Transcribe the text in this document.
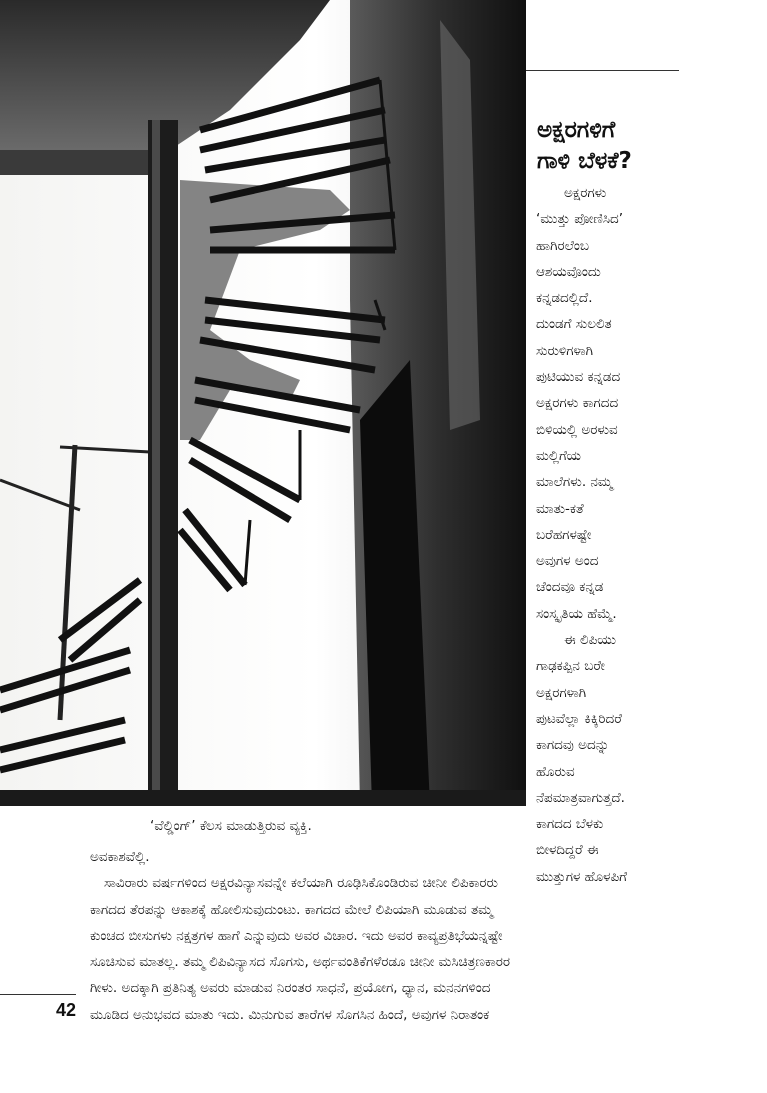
ಅಕ್ಷರಗಳಿಗೆ
ಗಾಳಿ ಬೆಳಕೆ?
ಅಕ್ಷರಗಳು
‘ಮುತ್ತು ಪೋಣಿಸಿದ’
ಹಾಗಿರಲೆಂಬ
ಆಶಯವೊಂದು
ಕನ್ನಡದಲ್ಲಿದೆ.
ದುಂಡಗೆ ಸುಲಲಿತ
ಸುರುಳಿಗಳಾಗಿ
ಪುಟಿಯುವ ಕನ್ನಡದ
ಅಕ್ಷರಗಳು ಕಾಗದದ
ಬಿಳಿಯಲ್ಲಿ ಅರಳುವ
ಮಲ್ಲಿಗೆಯ
ಮಾಲೆಗಳು. ನಮ್ಮ
ಮಾತು-ಕತೆ
ಬರೆಹಗಳಷ್ಟೇ
ಅವುಗಳ ಅಂದ
ಚೆಂದವೂ ಕನ್ನಡ
ಸಂಸ್ಕೃತಿಯ ಹೆಮ್ಮೆ.
ಈ ಲಿಪಿಯು
ಗಾಢಕಪ್ಪಿನ ಬರೇ
ಅಕ್ಷರಗಳಾಗಿ
ಪುಟವೆಲ್ಲಾ ಕಿಕ್ಕಿರಿದರೆ
ಕಾಗದವು ಅದನ್ನು
ಹೊರುವ
ನೆಪಮಾತ್ರವಾಗುತ್ತದೆ.
ಕಾಗದದ ಬೆಳಕು
ಬೀಳದಿದ್ದರೆ ಈ
ಮುತ್ತುಗಳ ಹೊಳಪಿಗೆ
‘ವೆಲ್ಡಿಂಗ್’ ಕೆಲಸ ಮಾಡುತ್ತಿರುವ ವ್ಯಕ್ತಿ.
ಅವಕಾಶವೆಲ್ಲಿ.
ಸಾವಿರಾರು ವರ್ಷಗಳಿಂದ ಅಕ್ಷರವಿನ್ಯಾಸವನ್ನೇ ಕಲೆಯಾಗಿ ರೂಢಿಸಿಕೊಂಡಿರುವ ಚೀನೀ ಲಿಪಿಕಾರರು
ಕಾಗದದ ತೆರಪನ್ನು ಆಕಾಶಕ್ಕೆ ಹೋಲಿಸುವುದುಂಟು. ಕಾಗದದ ಮೇಲೆ ಲಿಪಿಯಾಗಿ ಮೂಡುವ ತಮ್ಮ
ಕುಂಚದ ಬೀಸುಗಳು ನಕ್ಷತ್ರಗಳ ಹಾಗೆ ಎನ್ನುವುದು ಅವರ ವಿಚಾರ. ಇದು ಅವರ ಕಾವ್ಯಪ್ರತಿಭೆಯನ್ನಷ್ಟೇ
ಸೂಚಿಸುವ ಮಾತಲ್ಲ. ತಮ್ಮ ಲಿಪಿವಿನ್ಯಾಸದ ಸೊಗಸು, ಅರ್ಥವಂತಿಕೆಗಳೆರಡೂ ಚೀನೀ ಮಸಿಚಿತ್ರಣಕಾರರ
ಗೀಳು. ಅದಕ್ಕಾಗಿ ಪ್ರತಿನಿತ್ಯ ಅವರು ಮಾಡುವ ನಿರಂತರ ಸಾಧನೆ, ಪ್ರಯೋಗ, ಧ್ಯಾನ, ಮನನಗಳಿಂದ
ಮೂಡಿದ ಅನುಭವದ ಮಾತು ಇದು. ಮಿನುಗುವ ತಾರೆಗಳ ಸೊಗಸಿನ ಹಿಂದೆ, ಅವುಗಳ ನಿರಾತಂಕ
42
